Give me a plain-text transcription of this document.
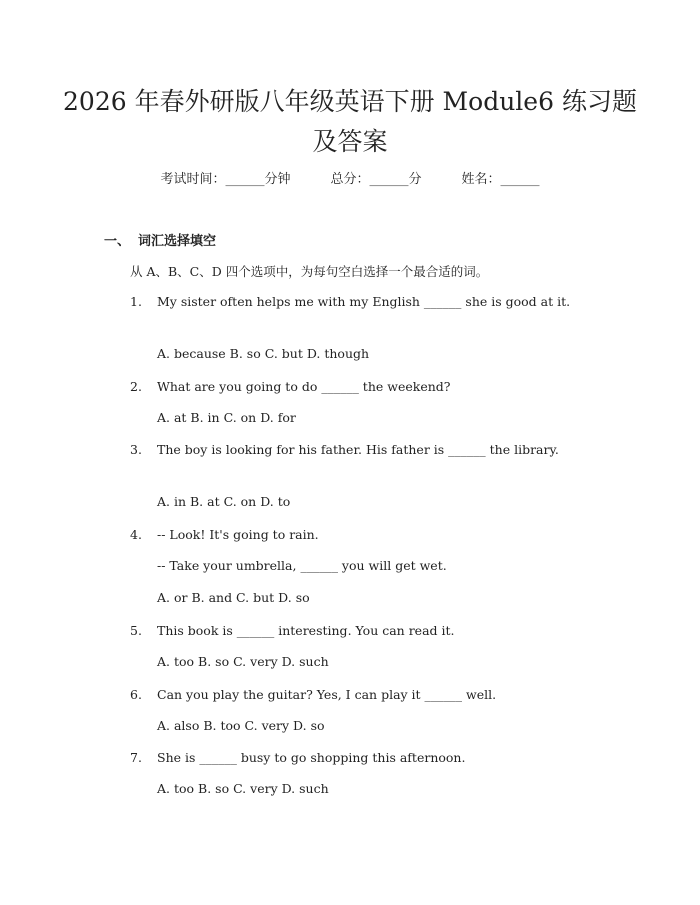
2026 年春外研版八年级英语下册 Module6 练习题及答案
考试时间：______分钟	总分：______分	姓名：______
一、 词汇选择填空
从 A、B、C、D 四个选项中，为每句空白选择一个最合适的词。
1. My sister often helps me with my English ______ she is good at it.
A. because B. so C. but D. though
2. What are you going to do ______ the weekend?
A. at B. in C. on D. for
3. The boy is looking for his father. His father is ______ the library.
A. in B. at C. on D. to
4. -- Look! It's going to rain.
-- Take your umbrella, ______ you will get wet.
A. or B. and C. but D. so
5. This book is ______ interesting. You can read it.
A. too B. so C. very D. such
6. Can you play the guitar? Yes, I can play it ______ well.
A. also B. too C. very D. so
7. She is ______ busy to go shopping this afternoon.
A. too B. so C. very D. such
